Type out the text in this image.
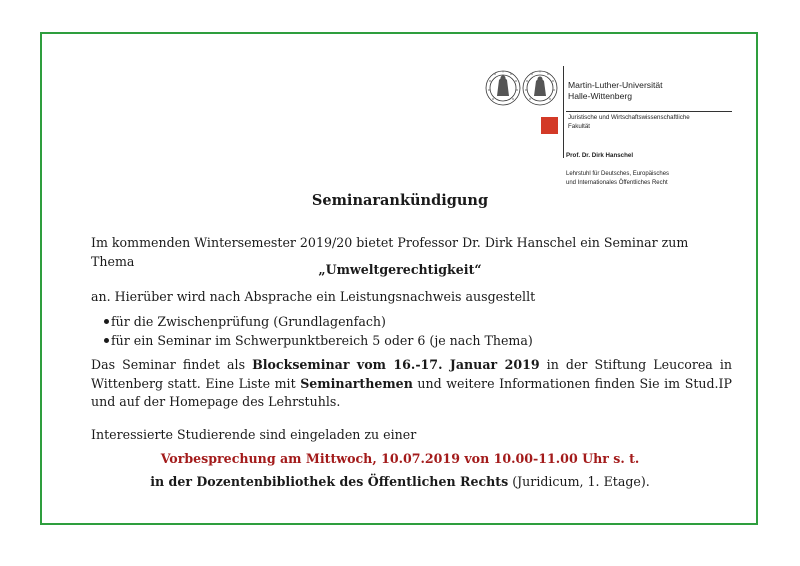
Martin-Luther-Universität
Halle-Wittenberg
Juristische und Wirtschaftswissenschaftliche
Fakultät
Prof. Dr. Dirk Hanschel
Lehrstuhl für Deutsches, Europäisches
und Internationales Öffentliches Recht
Seminarankündigung

Im kommenden Wintersemester 2019/20 bietet Professor Dr. Dirk Hanschel ein Seminar zum Thema

„Umweltgerechtigkeit“

an. Hierüber wird nach Absprache ein Leistungsnachweis ausgestellt

für die Zwischenprüfung (Grundlagenfach)
für ein Seminar im Schwerpunktbereich 5 oder 6 (je nach Thema)

Das Seminar findet als Blockseminar vom 16.-17. Januar 2019 in der Stiftung Leucorea in Wittenberg statt. Eine Liste mit Seminarthemen und weitere Informationen finden Sie im Stud.IP und auf der Homepage des Lehrstuhls.

Interessierte Studierende sind eingeladen zu einer

Vorbesprechung am Mittwoch, 10.07.2019 von 10.00-11.00 Uhr s. t.
in der Dozentenbibliothek des Öffentlichen Rechts (Juridicum, 1. Etage).
